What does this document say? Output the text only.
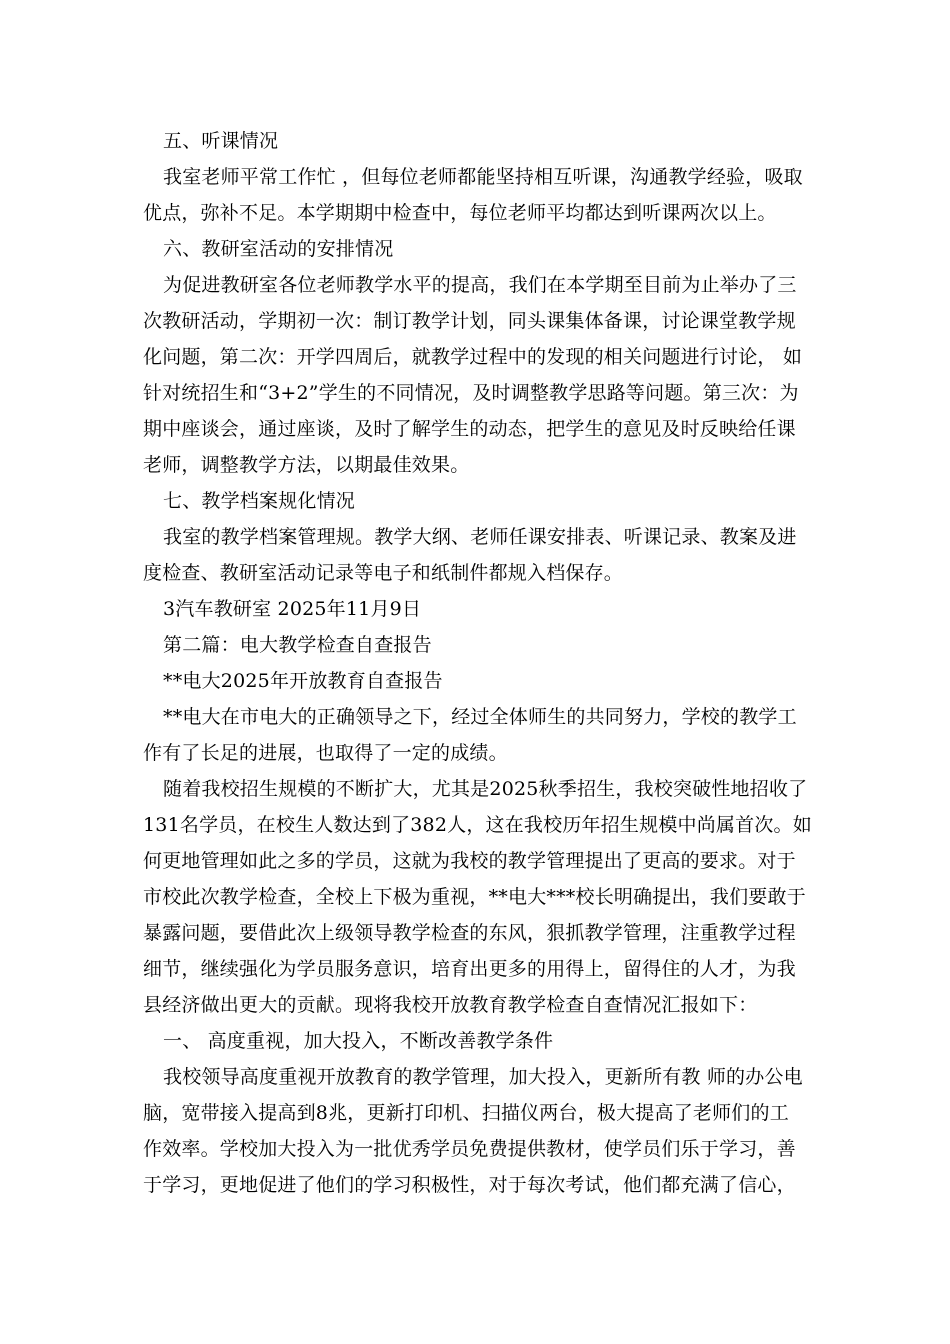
五、听课情况
我室老师平常工作忙 ，但每位老师都能坚持相互听课，沟通教学经验，吸取
优点，弥补不足。本学期期中检查中，每位老师平均都达到听课两次以上。
六、教研室活动的安排情况
为促进教研室各位老师教学水平的提高，我们在本学期至目前为止举办了三
次教研活动，学期初一次：制订教学计划，同头课集体备课，讨论课堂教学规
化问题，第二次：开学四周后，就教学过程中的发现的相关问题进行讨论， 如
针对统招生和“3+2”学生的不同情况，及时调整教学思路等问题。第三次：为
期中座谈会，通过座谈，及时了解学生的动态，把学生的意见及时反映给任课
老师，调整教学方法，以期最佳效果。
七、教学档案规化情况
我室的教学档案管理规。教学大纲、老师任课安排表、听课记录、教案及进
度检查、教研室活动记录等电子和纸制件都规入档保存。
3汽车教研室 2025年11月9日
第二篇：电大教学检查自查报告
**电大2025年开放教育自查报告
**电大在市电大的正确领导之下，经过全体师生的共同努力，学校的教学工
作有了长足的进展，也取得了一定的成绩。
随着我校招生规模的不断扩大，尤其是2025秋季招生，我校突破性地招收了
131名学员，在校生人数达到了382人，这在我校历年招生规模中尚属首次。如
何更地管理如此之多的学员，这就为我校的教学管理提出了更高的要求。对于
市校此次教学检查，全校上下极为重视，**电大***校长明确提出，我们要敢于
暴露问题，要借此次上级领导教学检查的东风，狠抓教学管理，注重教学过程
细节，继续强化为学员服务意识，培育出更多的用得上，留得住的人才，为我
县经济做出更大的贡献。现将我校开放教育教学检查自查情况汇报如下：
一、 高度重视，加大投入，不断改善教学条件
我校领导高度重视开放教育的教学管理，加大投入，更新所有教 师的办公电
脑，宽带接入提高到8兆，更新打印机、扫描仪两台，极大提高了老师们的工
作效率。学校加大投入为一批优秀学员免费提供教材，使学员们乐于学习，善
于学习，更地促进了他们的学习积极性，对于每次考试，他们都充满了信心，
